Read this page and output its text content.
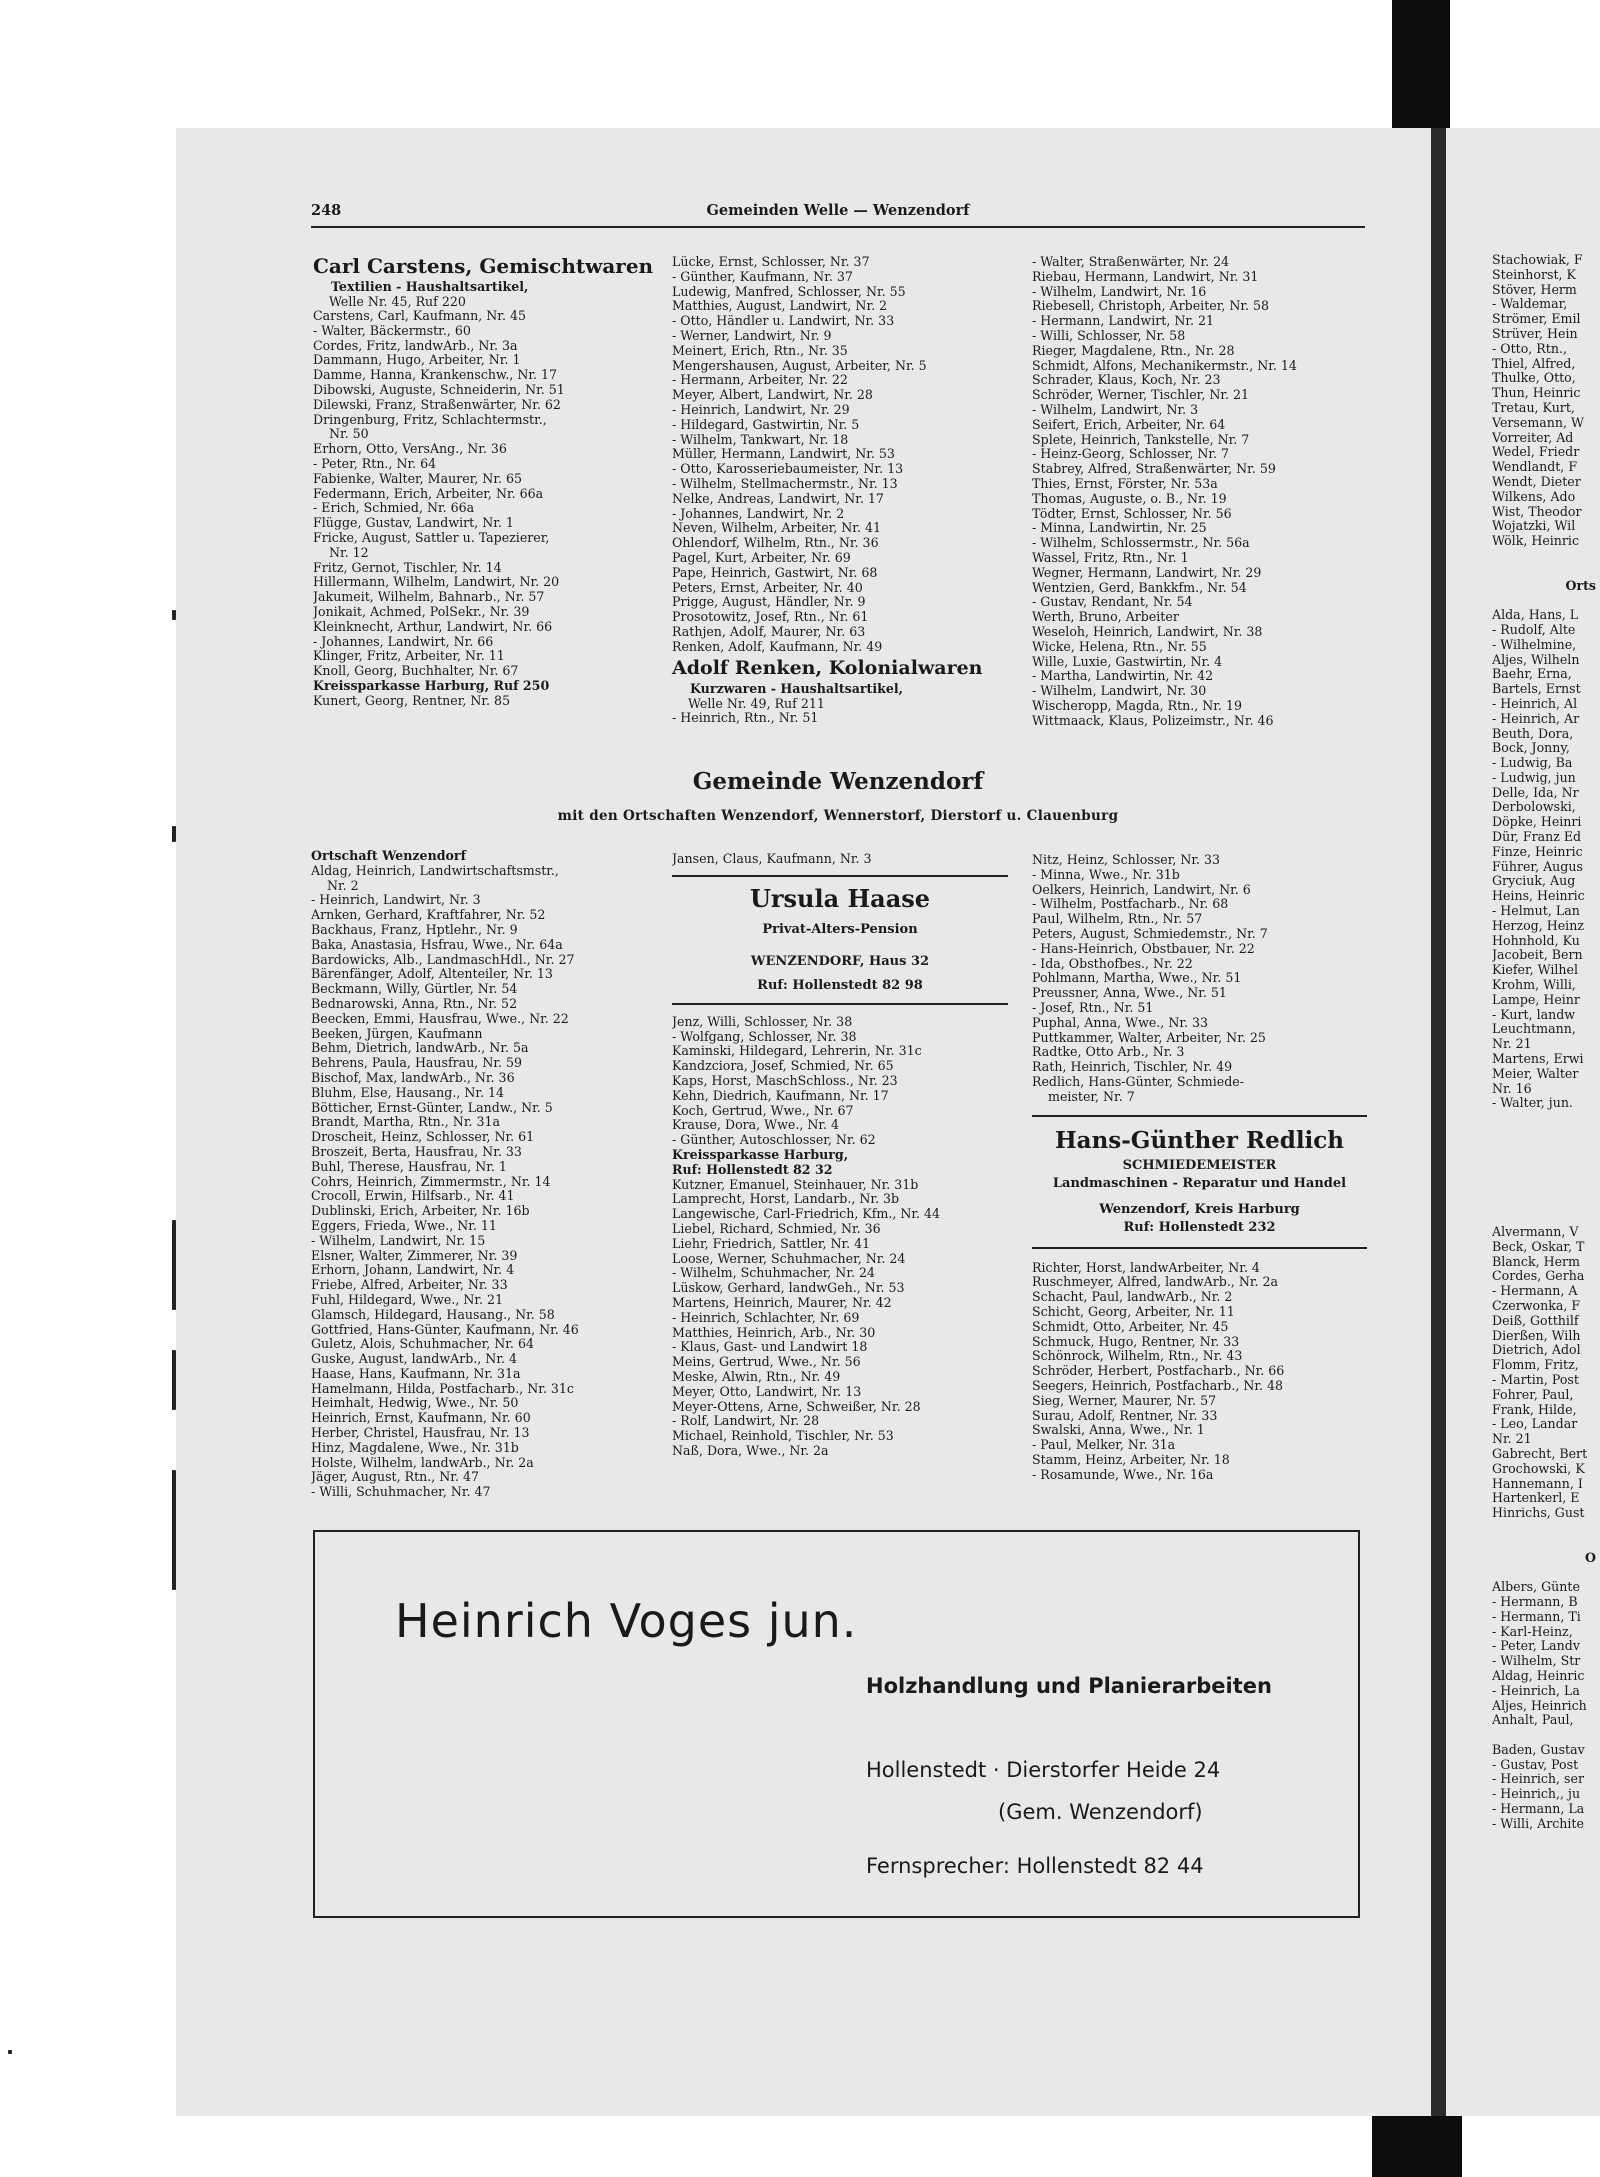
Stachowiak, F
Steinhorst, K
Stöver, Herm
- Waldemar,
Strömer, Emil
Strüver, Hein
- Otto, Rtn.,
Thiel, Alfred,
Thulke, Otto,
Thun, Heinric
Tretau, Kurt,
Versemann, W
Vorreiter, Ad
Wedel, Friedr
Wendlandt, F
Wendt, Dieter
Wilkens, Ado
Wist, Theodor
Wojatzki, Wil
Wölk, Heinric
Orts
Alda, Hans, L
- Rudolf, Alte
- Wilhelmine,
Aljes, Wilheln
Baehr, Erna,
Bartels, Ernst
- Heinrich, Al
- Heinrich, Ar
Beuth, Dora,
Bock, Jonny,
- Ludwig, Ba
- Ludwig, jun
Delle, Ida, Nr
Derbolowski,
Döpke, Heinri
Dür, Franz Ed
Finze, Heinric
Führer, Augus
Gryciuk, Aug
Heins, Heinric
- Helmut, Lan
Herzog, Heinz
Hohnhold, Ku
Jacobeit, Bern
Kiefer, Wilhel
Krohm, Willi,
Lampe, Heinr
- Kurt, landw
Leuchtmann,
Nr. 21
Martens, Erwi
Meier, Walter
Nr. 16
- Walter, jun.
Alvermann, V
Beck, Oskar, T
Blanck, Herm
Cordes, Gerha
- Hermann, A
Czerwonka, F
Deiß, Gotthilf
Dierßen, Wilh
Dietrich, Adol
Flomm, Fritz,
- Martin, Post
Fohrer, Paul,
Frank, Hilde,
- Leo, Landar
Nr. 21
Gabrecht, Bert
Grochowski, K
Hannemann, I
Hartenkerl, E
Hinrichs, Gust
O
Albers, Günte
- Hermann, B
- Hermann, Ti
- Karl-Heinz,
- Peter, Landv
- Wilhelm, Str
Aldag, Heinric
- Heinrich, La
Aljes, Heinrich
Anhalt, Paul,
Baden, Gustav
- Gustav, Post
- Heinrich, ser
- Heinrich,, ju
- Hermann, La
- Willi, Archite
248	Gemeinden Welle — Wenzendorf
Carl Carstens, Gemischtwaren
Textilien - Haushaltsartikel,
Welle Nr. 45, Ruf 220
Carstens, Carl, Kaufmann, Nr. 45
- Walter, Bäckermstr., 60
Cordes, Fritz, landwArb., Nr. 3a
Dammann, Hugo, Arbeiter, Nr. 1
Damme, Hanna, Krankenschw., Nr. 17
Dibowski, Auguste, Schneiderin, Nr. 51
Dilewski, Franz, Straßenwärter, Nr. 62
Dringenburg, Fritz, Schlachtermstr.,
Nr. 50
Erhorn, Otto, VersAng., Nr. 36
- Peter, Rtn., Nr. 64
Fabienke, Walter, Maurer, Nr. 65
Federmann, Erich, Arbeiter, Nr. 66a
- Erich, Schmied, Nr. 66a
Flügge, Gustav, Landwirt, Nr. 1
Fricke, August, Sattler u. Tapezierer,
Nr. 12
Fritz, Gernot, Tischler, Nr. 14
Hillermann, Wilhelm, Landwirt, Nr. 20
Jakumeit, Wilhelm, Bahnarb., Nr. 57
Jonikait, Achmed, PolSekr., Nr. 39
Kleinknecht, Arthur, Landwirt, Nr. 66
- Johannes, Landwirt, Nr. 66
Klinger, Fritz, Arbeiter, Nr. 11
Knoll, Georg, Buchhalter, Nr. 67
Kreissparkasse Harburg, Ruf 250
Kunert, Georg, Rentner, Nr. 85
Lücke, Ernst, Schlosser, Nr. 37
- Günther, Kaufmann, Nr. 37
Ludewig, Manfred, Schlosser, Nr. 55
Matthies, August, Landwirt, Nr. 2
- Otto, Händler u. Landwirt, Nr. 33
- Werner, Landwirt, Nr. 9
Meinert, Erich, Rtn., Nr. 35
Mengershausen, August, Arbeiter, Nr. 5
- Hermann, Arbeiter, Nr. 22
Meyer, Albert, Landwirt, Nr. 28
- Heinrich, Landwirt, Nr. 29
- Hildegard, Gastwirtin, Nr. 5
- Wilhelm, Tankwart, Nr. 18
Müller, Hermann, Landwirt, Nr. 53
- Otto, Karosseriebaumeister, Nr. 13
- Wilhelm, Stellmachermstr., Nr. 13
Nelke, Andreas, Landwirt, Nr. 17
- Johannes, Landwirt, Nr. 2
Neven, Wilhelm, Arbeiter, Nr. 41
Ohlendorf, Wilhelm, Rtn., Nr. 36
Pagel, Kurt, Arbeiter, Nr. 69
Pape, Heinrich, Gastwirt, Nr. 68
Peters, Ernst, Arbeiter, Nr. 40
Prigge, August, Händler, Nr. 9
Prosotowitz, Josef, Rtn., Nr. 61
Rathjen, Adolf, Maurer, Nr. 63
Renken, Adolf, Kaufmann, Nr. 49
Adolf Renken, Kolonialwaren
Kurzwaren - Haushaltsartikel,
Welle Nr. 49, Ruf 211
- Heinrich, Rtn., Nr. 51
- Walter, Straßenwärter, Nr. 24
Riebau, Hermann, Landwirt, Nr. 31
- Wilhelm, Landwirt, Nr. 16
Riebesell, Christoph, Arbeiter, Nr. 58
- Hermann, Landwirt, Nr. 21
- Willi, Schlosser, Nr. 58
Rieger, Magdalene, Rtn., Nr. 28
Schmidt, Alfons, Mechanikermstr., Nr. 14
Schrader, Klaus, Koch, Nr. 23
Schröder, Werner, Tischler, Nr. 21
- Wilhelm, Landwirt, Nr. 3
Seifert, Erich, Arbeiter, Nr. 64
Splete, Heinrich, Tankstelle, Nr. 7
- Heinz-Georg, Schlosser, Nr. 7
Stabrey, Alfred, Straßenwärter, Nr. 59
Thies, Ernst, Förster, Nr. 53a
Thomas, Auguste, o. B., Nr. 19
Tödter, Ernst, Schlosser, Nr. 56
- Minna, Landwirtin, Nr. 25
- Wilhelm, Schlossermstr., Nr. 56a
Wassel, Fritz, Rtn., Nr. 1
Wegner, Hermann, Landwirt, Nr. 29
Wentzien, Gerd, Bankkfm., Nr. 54
- Gustav, Rendant, Nr. 54
Werth, Bruno, Arbeiter
Weseloh, Heinrich, Landwirt, Nr. 38
Wicke, Helena, Rtn., Nr. 55
Wille, Luxie, Gastwirtin, Nr. 4
- Martha, Landwirtin, Nr. 42
- Wilhelm, Landwirt, Nr. 30
Wischeropp, Magda, Rtn., Nr. 19
Wittmaack, Klaus, Polizeimstr., Nr. 46
Gemeinde Wenzendorf
mit den Ortschaften Wenzendorf, Wennerstorf, Dierstorf u. Clauenburg
Ortschaft Wenzendorf
Aldag, Heinrich, Landwirtschaftsmstr.,
Nr. 2
- Heinrich, Landwirt, Nr. 3
Arnken, Gerhard, Kraftfahrer, Nr. 52
Backhaus, Franz, Hptlehr., Nr. 9
Baka, Anastasia, Hsfrau, Wwe., Nr. 64a
Bardowicks, Alb., LandmaschHdl., Nr. 27
Bärenfänger, Adolf, Altenteiler, Nr. 13
Beckmann, Willy, Gürtler, Nr. 54
Bednarowski, Anna, Rtn., Nr. 52
Beecken, Emmi, Hausfrau, Wwe., Nr. 22
Beeken, Jürgen, Kaufmann
Behm, Dietrich, landwArb., Nr. 5a
Behrens, Paula, Hausfrau, Nr. 59
Bischof, Max, landwArb., Nr. 36
Bluhm, Else, Hausang., Nr. 14
Bötticher, Ernst-Günter, Landw., Nr. 5
Brandt, Martha, Rtn., Nr. 31a
Droscheit, Heinz, Schlosser, Nr. 61
Broszeit, Berta, Hausfrau, Nr. 33
Buhl, Therese, Hausfrau, Nr. 1
Cohrs, Heinrich, Zimmermstr., Nr. 14
Crocoll, Erwin, Hilfsarb., Nr. 41
Dublinski, Erich, Arbeiter, Nr. 16b
Eggers, Frieda, Wwe., Nr. 11
- Wilhelm, Landwirt, Nr. 15
Elsner, Walter, Zimmerer, Nr. 39
Erhorn, Johann, Landwirt, Nr. 4
Friebe, Alfred, Arbeiter, Nr. 33
Fuhl, Hildegard, Wwe., Nr. 21
Glamsch, Hildegard, Hausang., Nr. 58
Gottfried, Hans-Günter, Kaufmann, Nr. 46
Guletz, Alois, Schuhmacher, Nr. 64
Guske, August, landwArb., Nr. 4
Haase, Hans, Kaufmann, Nr. 31a
Hamelmann, Hilda, Postfacharb., Nr. 31c
Heimhalt, Hedwig, Wwe., Nr. 50
Heinrich, Ernst, Kaufmann, Nr. 60
Herber, Christel, Hausfrau, Nr. 13
Hinz, Magdalene, Wwe., Nr. 31b
Holste, Wilhelm, landwArb., Nr. 2a
Jäger, August, Rtn., Nr. 47
- Willi, Schuhmacher, Nr. 47
Jansen, Claus, Kaufmann, Nr. 3
Ursula Haase
Privat-Alters-Pension
WENZENDORF, Haus 32
Ruf: Hollenstedt 82 98
Jenz, Willi, Schlosser, Nr. 38
- Wolfgang, Schlosser, Nr. 38
Kaminski, Hildegard, Lehrerin, Nr. 31c
Kandzciora, Josef, Schmied, Nr. 65
Kaps, Horst, MaschSchloss., Nr. 23
Kehn, Diedrich, Kaufmann, Nr. 17
Koch, Gertrud, Wwe., Nr. 67
Krause, Dora, Wwe., Nr. 4
- Günther, Autoschlosser, Nr. 62
Kreissparkasse Harburg,
Ruf: Hollenstedt 82 32
Kutzner, Emanuel, Steinhauer, Nr. 31b
Lamprecht, Horst, Landarb., Nr. 3b
Langewische, Carl-Friedrich, Kfm., Nr. 44
Liebel, Richard, Schmied, Nr. 36
Liehr, Friedrich, Sattler, Nr. 41
Loose, Werner, Schuhmacher, Nr. 24
- Wilhelm, Schuhmacher, Nr. 24
Lüskow, Gerhard, landwGeh., Nr. 53
Martens, Heinrich, Maurer, Nr. 42
- Heinrich, Schlachter, Nr. 69
Matthies, Heinrich, Arb., Nr. 30
- Klaus, Gast- und Landwirt 18
Meins, Gertrud, Wwe., Nr. 56
Meske, Alwin, Rtn., Nr. 49
Meyer, Otto, Landwirt, Nr. 13
Meyer-Ottens, Arne, Schweißer, Nr. 28
- Rolf, Landwirt, Nr. 28
Michael, Reinhold, Tischler, Nr. 53
Naß, Dora, Wwe., Nr. 2a
Nitz, Heinz, Schlosser, Nr. 33
- Minna, Wwe., Nr. 31b
Oelkers, Heinrich, Landwirt, Nr. 6
- Wilhelm, Postfacharb., Nr. 68
Paul, Wilhelm, Rtn., Nr. 57
Peters, August, Schmiedemstr., Nr. 7
- Hans-Heinrich, Obstbauer, Nr. 22
- Ida, Obsthofbes., Nr. 22
Pohlmann, Martha, Wwe., Nr. 51
Preussner, Anna, Wwe., Nr. 51
- Josef, Rtn., Nr. 51
Puphal, Anna, Wwe., Nr. 33
Puttkammer, Walter, Arbeiter, Nr. 25
Radtke, Otto Arb., Nr. 3
Rath, Heinrich, Tischler, Nr. 49
Redlich, Hans-Günter, Schmiede-
meister, Nr. 7
Hans-Günther Redlich
SCHMIEDEMEISTER
Landmaschinen - Reparatur und Handel
Wenzendorf, Kreis Harburg
Ruf: Hollenstedt 232
Richter, Horst, landwArbeiter, Nr. 4
Ruschmeyer, Alfred, landwArb., Nr. 2a
Schacht, Paul, landwArb., Nr. 2
Schicht, Georg, Arbeiter, Nr. 11
Schmidt, Otto, Arbeiter, Nr. 45
Schmuck, Hugo, Rentner, Nr. 33
Schönrock, Wilhelm, Rtn., Nr. 43
Schröder, Herbert, Postfacharb., Nr. 66
Seegers, Heinrich, Postfacharb., Nr. 48
Sieg, Werner, Maurer, Nr. 57
Surau, Adolf, Rentner, Nr. 33
Swalski, Anna, Wwe., Nr. 1
- Paul, Melker, Nr. 31a
Stamm, Heinz, Arbeiter, Nr. 18
- Rosamunde, Wwe., Nr. 16a
Heinrich Voges jun.
Holzhandlung und Planierarbeiten
Hollenstedt · Dierstorfer Heide 24
(Gem. Wenzendorf)
Fernsprecher: Hollenstedt 82 44
